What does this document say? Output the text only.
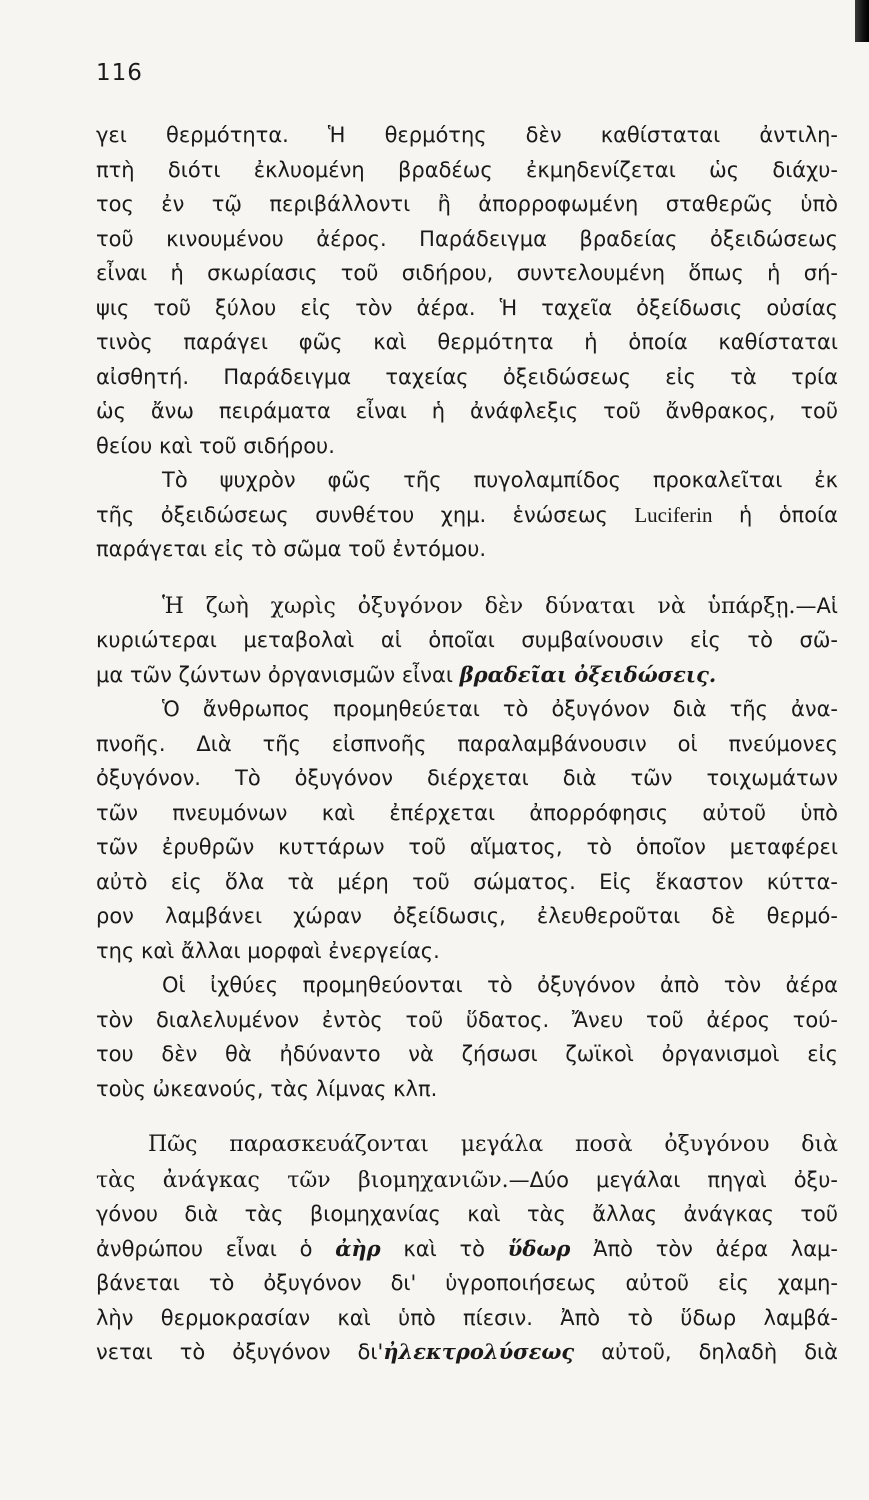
116
γει θερμότητα. Ἡ θερμότης δὲν καθίσταται ἀντιλη-
πτὴ διότι ἐκλυομένη βραδέως ἐκμηδενίζεται ὡς διάχυ-
τος ἐν τῷ περιβάλλοντι ἢ ἀπορροφωμένη σταθερῶς ὑπὸ
τοῦ κινουμένου ἀέρος. Παράδειγμα βραδείας ὀξειδώσεως
εἶναι ἡ σκωρίασις τοῦ σιδήρου, συντελουμένη ὅπως ἡ σή-
ψις τοῦ ξύλου εἰς τὸν ἀέρα. Ἡ ταχεῖα ὀξείδωσις οὐσίας
τινὸς παράγει φῶς καὶ θερμότητα ἡ ὁποία καθίσταται
αἰσθητή. Παράδειγμα ταχείας ὀξειδώσεως εἰς τὰ τρία
ὡς ἄνω πειράματα εἶναι ἡ ἀνάφλεξις τοῦ ἄνθρακος, τοῦ
θείου καὶ τοῦ σιδήρου.
Τὸ ψυχρὸν φῶς τῆς πυγολαμπίδος προκαλεῖται ἐκ
τῆς ὀξειδώσεως συνθέτου χημ. ἑνώσεως Luciferin ἡ ὁποία
παράγεται εἰς τὸ σῶμα τοῦ ἐντόμου.
Ἡ ζωὴ χωρὶς ὀξυγόνον δὲν δύναται νὰ ὑπάρξῃ.—Αἱ
κυριώτεραι μεταβολαὶ αἱ ὁποῖαι συμβαίνουσιν εἰς τὸ σῶ-
μα τῶν ζώντων ὀργανισμῶν εἶναι βραδεῖαι ὀξειδώσεις.
Ὁ ἄνθρωπος προμηθεύεται τὸ ὀξυγόνον διὰ τῆς ἀνα-
πνοῆς. Διὰ τῆς εἰσπνοῆς παραλαμβάνουσιν οἱ πνεύμονες
ὀξυγόνον. Τὸ ὀξυγόνον διέρχεται διὰ τῶν τοιχωμάτων
τῶν πνευμόνων καὶ ἐπέρχεται ἀπορρόφησις αὐτοῦ ὑπὸ
τῶν ἐρυθρῶν κυττάρων τοῦ αἵματος, τὸ ὁποῖον μεταφέρει
αὐτὸ εἰς ὅλα τὰ μέρη τοῦ σώματος. Εἰς ἕκαστον κύττα-
ρον λαμβάνει χώραν ὀξείδωσις, ἐλευθεροῦται δὲ θερμό-
της καὶ ἄλλαι μορφαὶ ἐνεργείας.
Οἱ ἰχθύες προμηθεύονται τὸ ὀξυγόνον ἀπὸ τὸν ἀέρα
τὸν διαλελυμένον ἐντὸς τοῦ ὕδατος. Ἄνευ τοῦ ἀέρος τού-
του δὲν θὰ ἠδύναντο νὰ ζήσωσι ζωϊκοὶ ὀργανισμοὶ εἰς
τοὺς ὠκεανούς, τὰς λίμνας κλπ.
Πῶς παρασκευάζονται μεγάλα ποσὰ ὀξυγόνου διὰ
τὰς ἀνάγκας τῶν βιομηχανιῶν.—Δύο μεγάλαι πηγαὶ ὀξυ-
γόνου διὰ τὰς βιομηχανίας καὶ τὰς ἄλλας ἀνάγκας τοῦ
ἀνθρώπου εἶναι ὁ ἀὴρ καὶ τὸ ὕδωρ Ἀπὸ τὸν ἀέρα λαμ-
βάνεται τὸ ὀξυγόνον δι' ὑγροποιήσεως αὐτοῦ εἰς χαμη-
λὴν θερμοκρασίαν καὶ ὑπὸ πίεσιν. Ἀπὸ τὸ ὕδωρ λαμβά-
νεται τὸ ὀξυγόνον δι'ἠλεκτρολύσεως αὐτοῦ, δηλαδὴ διὰ
